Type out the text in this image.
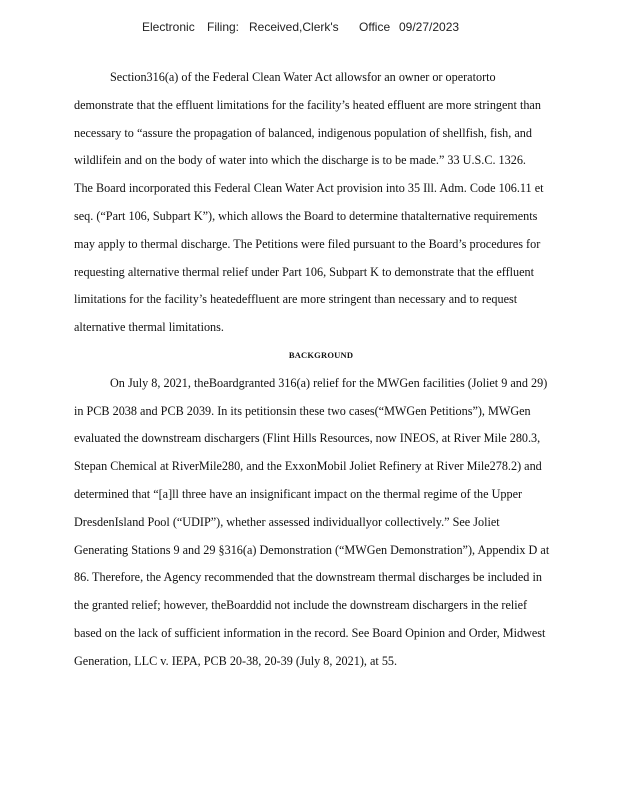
Electronic Filing: Received,Clerk's Office 09/27/2023
Section316(a) of the Federal Clean Water Act allowsfor an owner or operatorto
demonstrate that the effluent limitations for the facility’s heated effluent are more stringent than
necessary to “assure the propagation of balanced, indigenous population of shellfish, fish, and
wildlifein and on the body of water into which the discharge is to be made.” 33 U.S.C. 1326.
The Board incorporated this Federal Clean Water Act provision into 35 Ill. Adm. Code 106.11 et
seq. (“Part 106, Subpart K”), which allows the Board to determine thatalternative requirements
may apply to thermal discharge. The Petitions were filed pursuant to the Board’s procedures for
requesting alternative thermal relief under Part 106, Subpart K to demonstrate that the effluent
limitations for the facility’s heatedeffluent are more stringent than necessary and to request
alternative thermal limitations.
BACKGROUND
On July 8, 2021, theBoardgranted 316(a) relief for the MWGen facilities (Joliet 9 and 29)
in PCB 2038 and PCB 2039. In its petitionsin these two cases(“MWGen Petitions”), MWGen
evaluated the downstream dischargers (Flint Hills Resources, now INEOS, at River Mile 280.3,
Stepan Chemical at RiverMile280, and the ExxonMobil Joliet Refinery at River Mile278.2) and
determined that “[a]ll three have an insignificant impact on the thermal regime of the Upper
DresdenIsland Pool (“UDIP”), whether assessed individuallyor collectively.” See Joliet
Generating Stations 9 and 29 §316(a) Demonstration (“MWGen Demonstration”), Appendix D at
86. Therefore, the Agency recommended that the downstream thermal discharges be included in
the granted relief; however, theBoarddid not include the downstream dischargers in the relief
based on the lack of sufficient information in the record. See Board Opinion and Order, Midwest
Generation, LLC v. IEPA, PCB 20-38, 20-39 (July 8, 2021), at 55.
